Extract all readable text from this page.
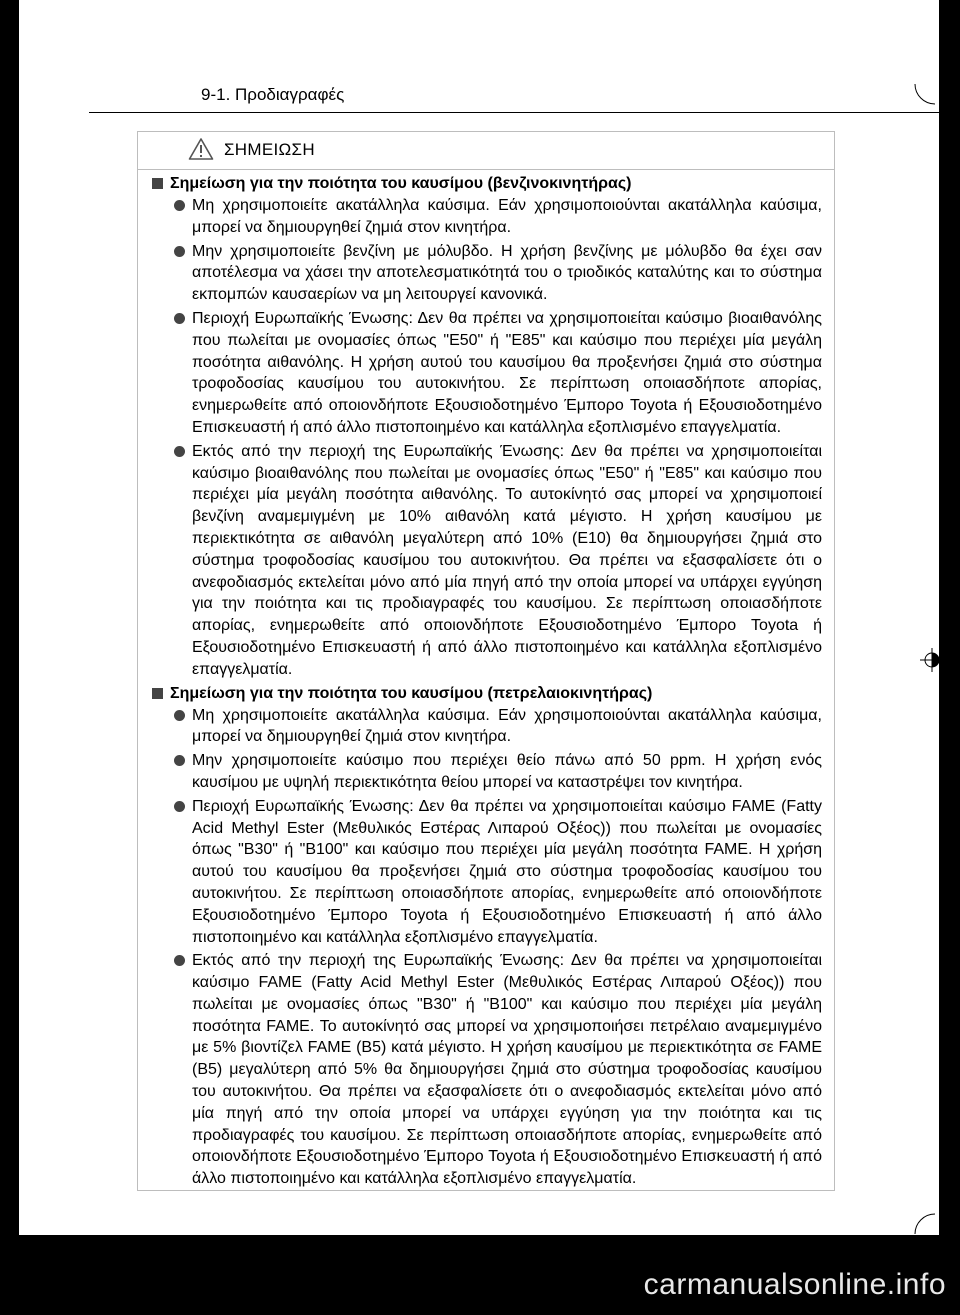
9-1. Προδιαγραφές
ΣΗΜΕΙΩΣΗ
Σημείωση για την ποιότητα του καυσίμου (βενζινοκινητήρας)
Μη χρησιμοποιείτε ακατάλληλα καύσιμα. Εάν χρησιμοποιούνται ακατάλληλα καύσιμα, μπορεί να δημιουργηθεί ζημιά στον κινητήρα.
Μην χρησιμοποιείτε βενζίνη με μόλυβδο. Η χρήση βενζίνης με μόλυβδο θα έχει σαν αποτέλεσμα να χάσει την αποτελεσματικότητά του ο τριοδικός καταλύτης και το σύστημα εκπομπών καυσαερίων να μη λειτουργεί κανονικά.
Περιοχή Ευρωπαϊκής Ένωσης: Δεν θα πρέπει να χρησιμοποιείται καύσιμο βιοαιθανόλης που πωλείται με ονομασίες όπως "E50" ή "E85" και καύσιμο που περιέχει μία μεγάλη ποσότητα αιθανόλης. Η χρήση αυτού του καυσίμου θα προξενήσει ζημιά στο σύστημα τροφοδοσίας καυσίμου του αυτοκινήτου. Σε περίπτωση οποιασδήποτε απορίας, ενημερωθείτε από οποιονδήποτε Εξουσιοδοτημένο Έμπορο Toyota ή Εξουσιοδοτημένο Επισκευαστή ή από άλλο πιστοποιημένο και κατάλληλα εξοπλισμένο επαγγελματία.
Εκτός από την περιοχή της Ευρωπαϊκής Ένωσης: Δεν θα πρέπει να χρησιμοποιείται καύσιμο βιοαιθανόλης που πωλείται με ονομασίες όπως "E50" ή "E85" και καύσιμο που περιέχει μία μεγάλη ποσότητα αιθανόλης. Το αυτοκίνητό σας μπορεί να χρησιμοποιεί βενζίνη αναμεμιγμένη με 10% αιθανόλη κατά μέγιστο. Η χρήση καυσίμου με περιεκτικότητα σε αιθανόλη μεγαλύτερη από 10% (E10) θα δημιουργήσει ζημιά στο σύστημα τροφοδοσίας καυσίμου του αυτοκινήτου. Θα πρέπει να εξασφαλίσετε ότι ο ανεφοδιασμός εκτελείται μόνο από μία πηγή από την οποία μπορεί να υπάρχει εγγύηση για την ποιότητα και τις προδιαγραφές του καυσίμου. Σε περίπτωση οποιασδήποτε απορίας, ενημερωθείτε από οποιονδήποτε Εξουσιοδοτημένο Έμπορο Toyota ή Εξουσιοδοτημένο Επισκευαστή ή από άλλο πιστοποιημένο και κατάλληλα εξοπλισμένο επαγγελματία.
Σημείωση για την ποιότητα του καυσίμου (πετρελαιοκινητήρας)
Μη χρησιμοποιείτε ακατάλληλα καύσιμα. Εάν χρησιμοποιούνται ακατάλληλα καύσιμα, μπορεί να δημιουργηθεί ζημιά στον κινητήρα.
Μην χρησιμοποιείτε καύσιμο που περιέχει θείο πάνω από 50 ppm. Η χρήση ενός καυσίμου με υψηλή περιεκτικότητα θείου μπορεί να καταστρέψει τον κινητήρα.
Περιοχή Ευρωπαϊκής Ένωσης: Δεν θα πρέπει να χρησιμοποιείται καύσιμο FAME (Fatty Acid Methyl Ester (Μεθυλικός Εστέρας Λιπαρού Οξέος)) που πωλείται με ονομασίες όπως "B30" ή "B100" και καύσιμο που περιέχει μία μεγάλη ποσότητα FAME. Η χρήση αυτού του καυσίμου θα προξενήσει ζημιά στο σύστημα τροφοδοσίας καυσίμου του αυτοκινήτου. Σε περίπτωση οποιασδήποτε απορίας, ενημερωθείτε από οποιονδήποτε Εξουσιοδοτημένο Έμπορο Toyota ή Εξουσιοδοτημένο Επισκευαστή ή από άλλο πιστοποιημένο και κατάλληλα εξοπλισμένο επαγγελματία.
Εκτός από την περιοχή της Ευρωπαϊκής Ένωσης: Δεν θα πρέπει να χρησιμοποιείται καύσιμο FAME (Fatty Acid Methyl Ester (Μεθυλικός Εστέρας Λιπαρού Οξέος)) που πωλείται με ονομασίες όπως "B30" ή "B100" και καύσιμο που περιέχει μία μεγάλη ποσότητα FAME. Το αυτοκίνητό σας μπορεί να χρησιμοποιήσει πετρέλαιο αναμεμιγμένο με 5% βιοντίζελ FAME (B5) κατά μέγιστο. Η χρήση καυσίμου με περιεκτικότητα σε FAME (B5) μεγαλύτερη από 5% θα δημιουργήσει ζημιά στο σύστημα τροφοδοσίας καυσίμου του αυτοκινήτου. Θα πρέπει να εξασφαλίσετε ότι ο ανεφοδιασμός εκτελείται μόνο από μία πηγή από την οποία μπορεί να υπάρχει εγγύηση για την ποιότητα και τις προδιαγραφές του καυσίμου. Σε περίπτωση οποιασδήποτε απορίας, ενημερωθείτε από οποιονδήποτε Εξουσιοδοτημένο Έμπορο Toyota ή Εξουσιοδοτημένο Επισκευαστή ή από άλλο πιστοποιημένο και κατάλληλα εξοπλισμένο επαγγελματία.
carmanualsonline.info
